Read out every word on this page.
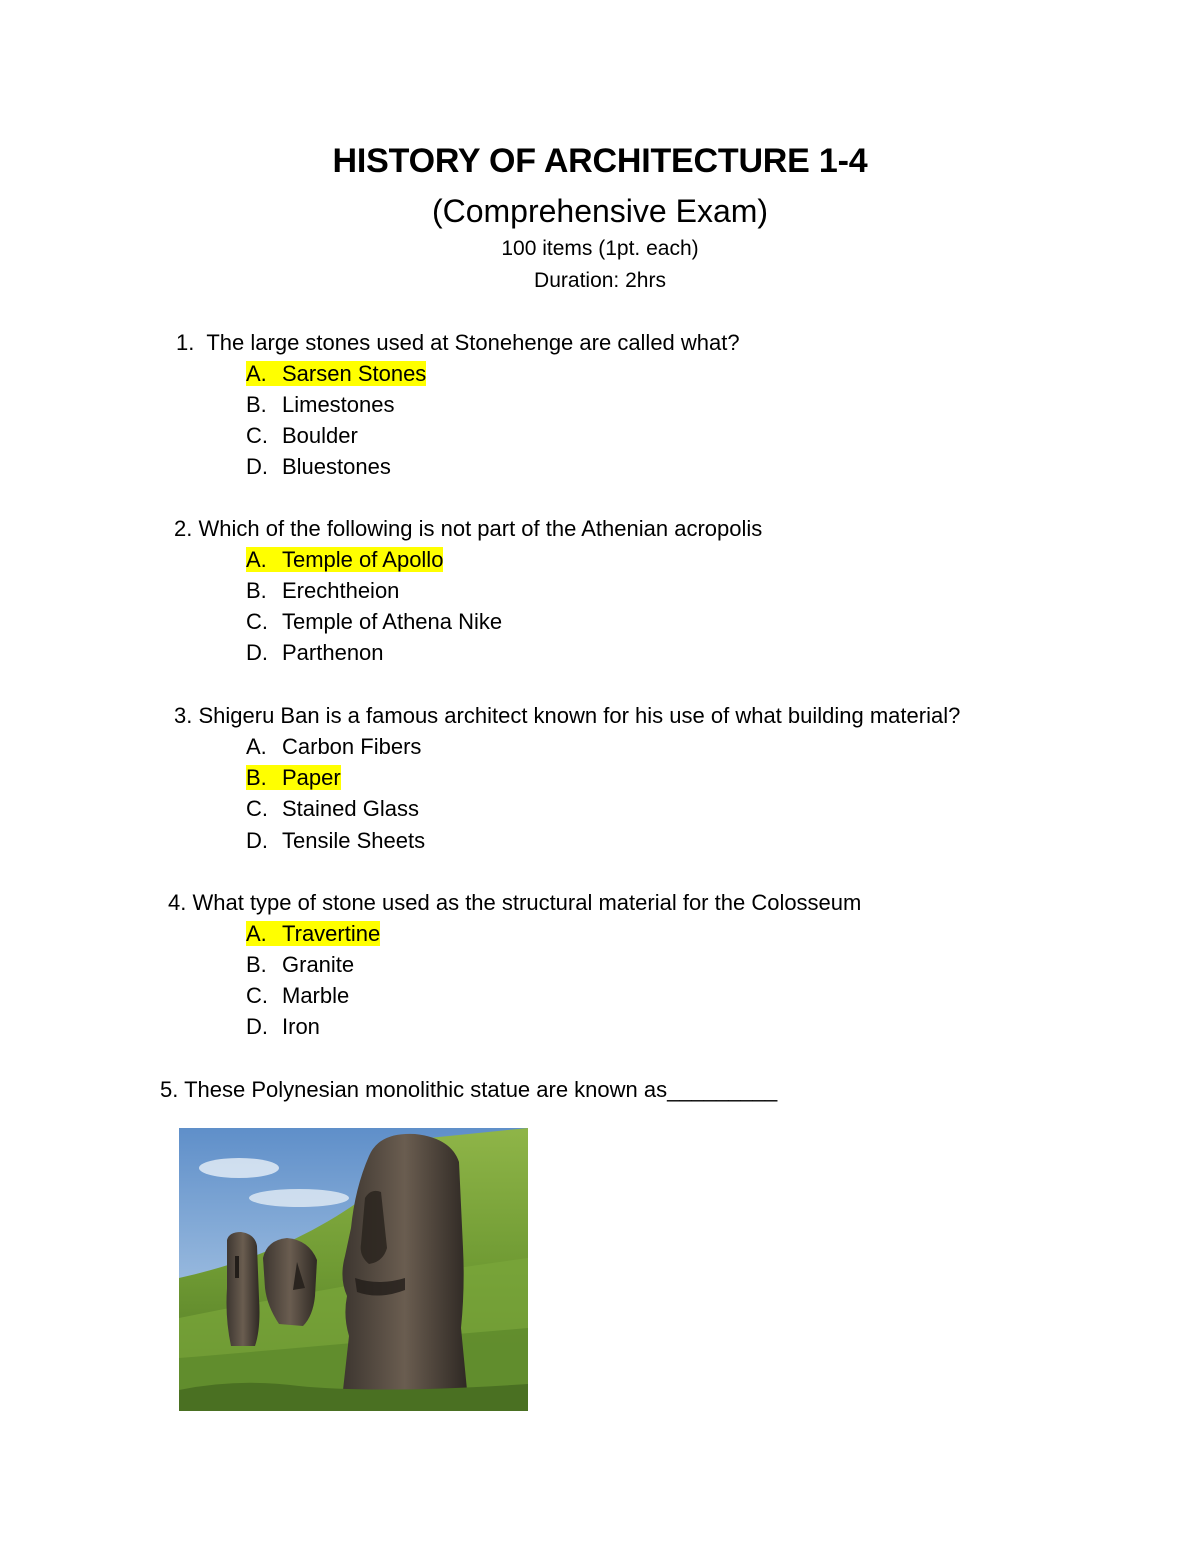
HISTORY OF ARCHITECTURE 1-4
(Comprehensive Exam)
100 items (1pt. each)
Duration: 2hrs
1. The large stones used at Stonehenge are called what?
A. Sarsen Stones
B. Limestones
C. Boulder
D. Bluestones
2. Which of the following is not part of the Athenian acropolis
A. Temple of Apollo
B. Erechtheion
C. Temple of Athena Nike
D. Parthenon
3. Shigeru Ban is a famous architect known for his use of what building material?
A. Carbon Fibers
B. Paper
C. Stained Glass
D. Tensile Sheets
4. What type of stone used as the structural material for the Colosseum
A. Travertine
B. Granite
C. Marble
D. Iron
5. These Polynesian monolithic statue are known as_________
